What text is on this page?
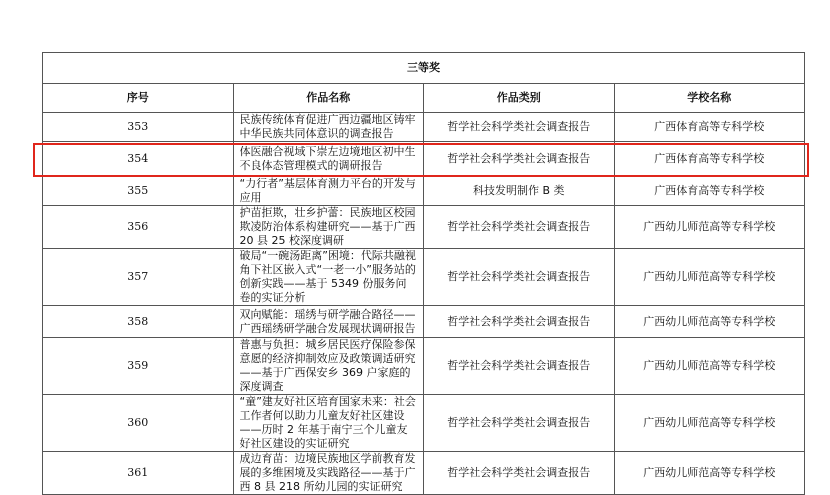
三等奖			
序号	作品名称	作品类别	学校名称
353	民族传统体育促进广西边疆地区铸牢中华民族共同体意识的调查报告	哲学社会科学类社会调查报告	广西体育高等专科学校
354	体医融合视域下崇左边境地区初中生不良体态管理模式的调研报告	哲学社会科学类社会调查报告	广西体育高等专科学校
355	“力行者”基层体育测力平台的开发与应用	科技发明制作 B 类	广西体育高等专科学校
356	护苗拒欺，壮乡护蕾：民族地区校园欺凌防治体系构建研究——基于广西 20 县 25 校深度调研	哲学社会科学类社会调查报告	广西幼儿师范高等专科学校
357	破局“一碗汤距离”困境：代际共融视角下社区嵌入式“一老一小”服务站的创新实践——基于 5349 份服务问卷的实证分析	哲学社会科学类社会调查报告	广西幼儿师范高等专科学校
358	双向赋能：瑶绣与研学融合路径——广西瑶绣研学融合发展现状调研报告	哲学社会科学类社会调查报告	广西幼儿师范高等专科学校
359	普惠与负担：城乡居民医疗保险参保意愿的经济抑制效应及政策调适研究——基于广西保安乡 369 户家庭的深度调查	哲学社会科学类社会调查报告	广西幼儿师范高等专科学校
360	“童”建友好社区培育国家未来：社会工作者何以助力儿童友好社区建设——历时 2 年基于南宁三个儿童友好社区建设的实证研究	哲学社会科学类社会调查报告	广西幼儿师范高等专科学校
361	成边育苗：边境民族地区学前教育发展的多维困境及实践路径——基于广西 8 县 218 所幼儿园的实证研究	哲学社会科学类社会调查报告	广西幼儿师范高等专科学校
